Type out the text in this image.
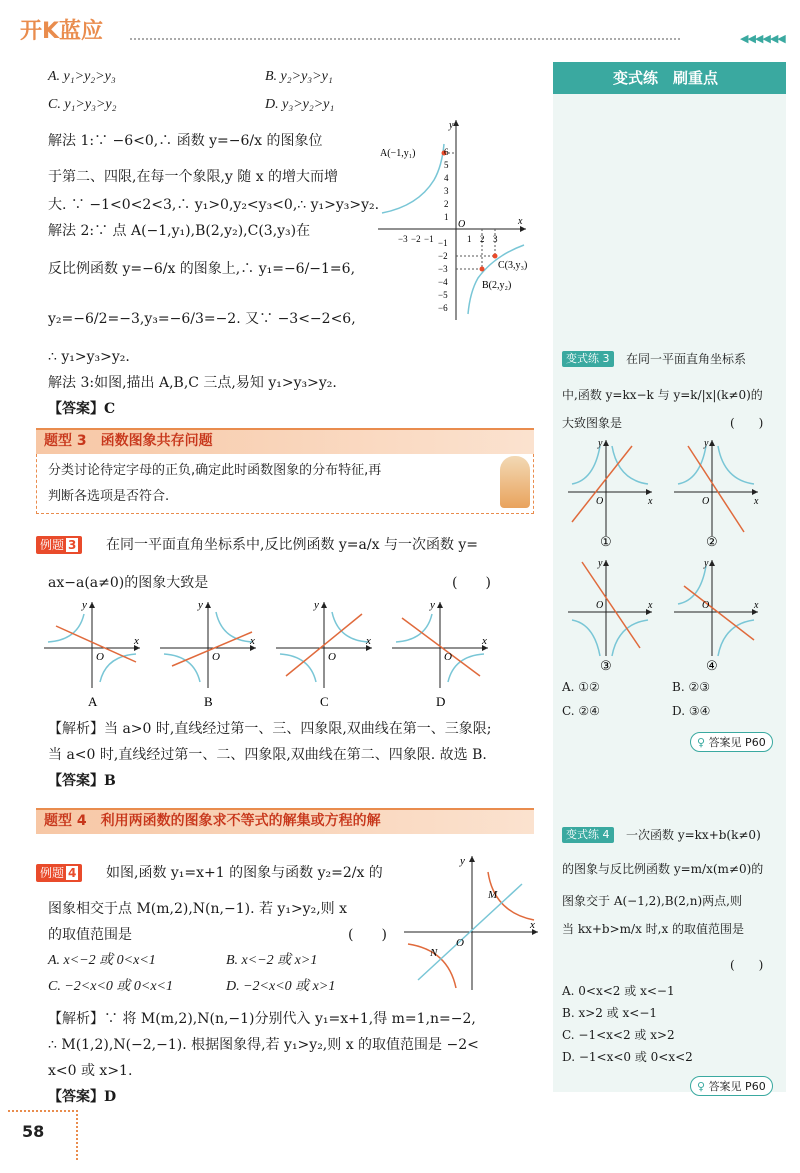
开K蓝应	◀◀◀◀◀◀
变式练　刷重点
A. y₁>y₂>y₃	B. y₂>y₃>y₁
C. y₁>y₃>y₂	D. y₃>y₂>y₁
解法 1:∵ −6<0,∴ 函数 y=−6/x 的图象位
于第二、四限,在每一个象限,y 随 x 的增大而增
大. ∵ −1<0<2<3,∴ y₁>0,y₂<y₃<0,∴ y₁>y₃>y₂.
解法 2:∵ 点 A(−1,y₁),B(2,y₂),C(3,y₃)在
反比例函数 y=−6/x 的图象上,∴ y₁=−6/−1=6,
y₂=−6/2=−3,y₃=−6/3=−2. 又∵ −3<−2<6,
∴ y₁>y₃>y₂.
解法 3:如图,描出 A,B,C 三点,易知 y₁>y₃>y₂.
【答案】C
A(−1,y₁)
B(2,y₂)
C(3,y₃)
y
x
O
6
5
4
3
2
1
−1
−2
−3
−4
−5
−6
−3 −2 −1	1 2 3
题型 3　函数图象共存问题
分类讨论待定字母的正负,确定此时函数图象的分布特征,再
判断各选项是否符合.
例题 3	在同一平面直角坐标系中,反比例函数 y=a/x 与一次函数 y=
ax−a(a≠0)的图象大致是	(　　)
O
x
y
A
O
x
y
B
O
x
y
C
O
x
y
D
【解析】当 a>0 时,直线经过第一、三、四象限,双曲线在第一、三象限;
当 a<0 时,直线经过第一、二、四象限,双曲线在第二、四象限. 故选 B.
【答案】B
题型 4　利用两函数的图象求不等式的解集或方程的解
例题 4	如图,函数 y₁=x+1 的图象与函数 y₂=2/x 的
图象相交于点 M(m,2),N(n,−1). 若 y₁>y₂,则 x
的取值范围是	(　　)
A. x<−2 或 0<x<1	B. x<−2 或 x>1
C. −2<x<0 或 0<x<1	D. −2<x<0 或 x>1
M
N
O
x
y
【解析】∵ 将 M(m,2),N(n,−1)分别代入 y₁=x+1,得 m=1,n=−2,
∴ M(1,2),N(−2,−1). 根据图象得,若 y₁>y₂,则 x 的取值范围是 −2<
x<0 或 x>1.
【答案】D
变式练 3	在同一平面直角坐标系
中,函数 y=kx−k 与 y=k/|x|(k≠0)的
大致图象是	(　　)
O	x
y
①
O	x
y
②
O	x
y
③
O	x
y
④
A. ①②	B. ②③
C. ②④	D. ③④
♀ 答案见 P60
变式练 4	一次函数 y=kx+b(k≠0)
的图象与反比例函数 y=m/x(m≠0)的
图象交于 A(−1,2),B(2,n)两点,则
当 kx+b>m/x 时,x 的取值范围是
(　　)
A. 0<x<2 或 x<−1
B. x>2 或 x<−1
C. −1<x<2 或 x>2
D. −1<x<0 或 0<x<2
♀ 答案见 P60
58
